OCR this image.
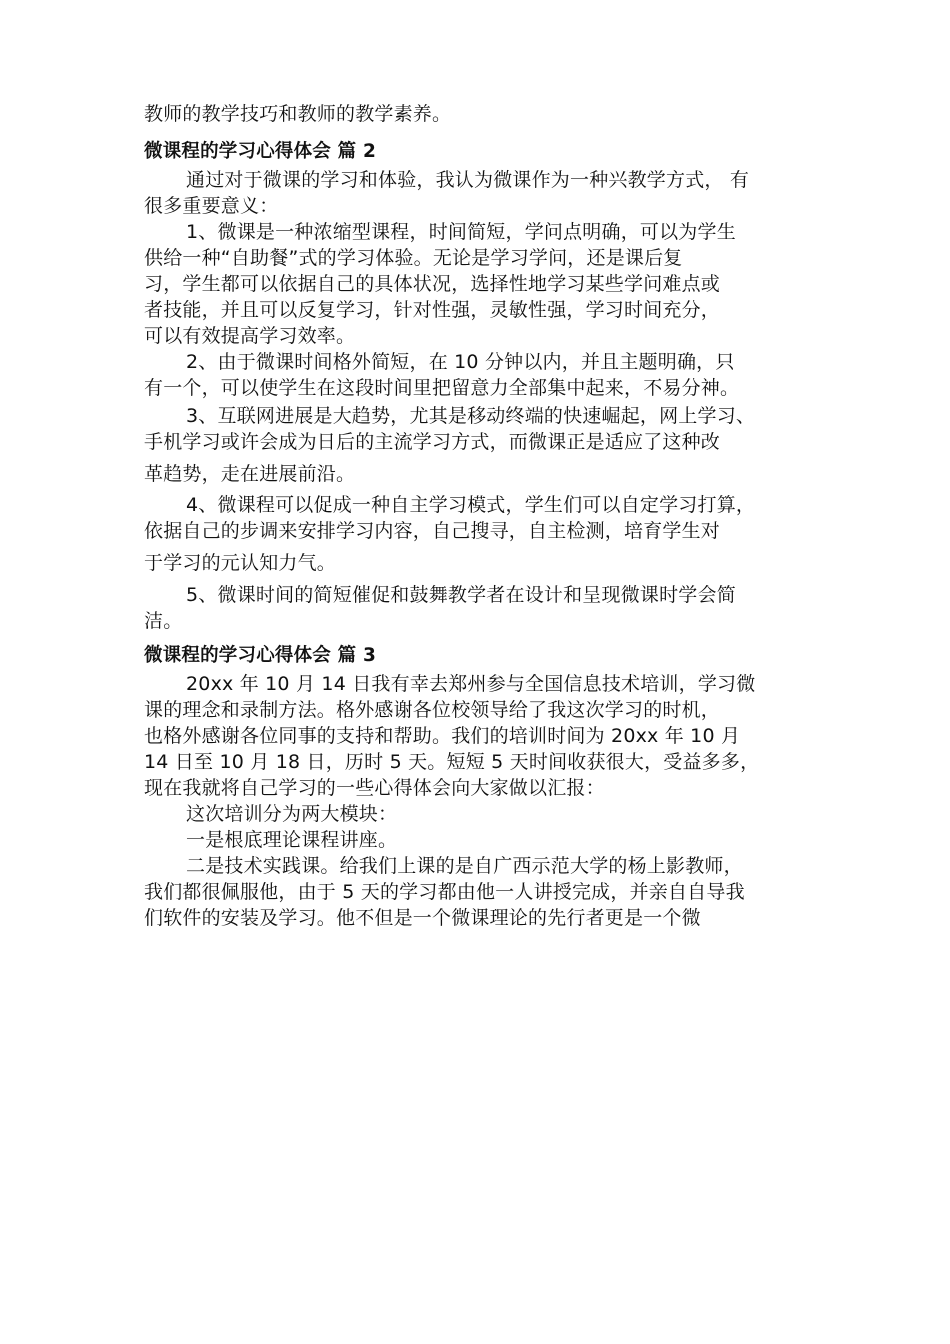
教师的教学技巧和教师的教学素养。
微课程的学习心得体会 篇 2
通过对于微课的学习和体验，我认为微课作为一种兴教学方式， 有
很多重要意义：
1、微课是一种浓缩型课程，时间简短，学问点明确，可以为学生
供给一种“自助餐”式的学习体验。无论是学习学问，还是课后复
习，学生都可以依据自己的具体状况，选择性地学习某些学问难点或
者技能，并且可以反复学习，针对性强，灵敏性强，学习时间充分，
可以有效提高学习效率。
2、由于微课时间格外简短，在 10 分钟以内，并且主题明确，只
有一个，可以使学生在这段时间里把留意力全部集中起来，不易分神。
3、互联网进展是大趋势，尤其是移动终端的快速崛起，网上学习、
手机学习或许会成为日后的主流学习方式，而微课正是适应了这种改
革趋势，走在进展前沿。
4、微课程可以促成一种自主学习模式，学生们可以自定学习打算，
依据自己的步调来安排学习内容，自己搜寻，自主检测，培育学生对
于学习的元认知力气。
5、微课时间的简短催促和鼓舞教学者在设计和呈现微课时学会简
洁。
微课程的学习心得体会 篇 3
20xx 年 10 月 14 日我有幸去郑州参与全国信息技术培训，学习微
课的理念和录制方法。格外感谢各位校领导给了我这次学习的时机，
也格外感谢各位同事的支持和帮助。我们的培训时间为 20xx 年 10 月
14 日至 10 月 18 日，历时 5 天。短短 5 天时间收获很大，受益多多，
现在我就将自己学习的一些心得体会向大家做以汇报：
这次培训分为两大模块：
一是根底理论课程讲座。
二是技术实践课。给我们上课的是自广西示范大学的杨上影教师，
我们都很佩服他，由于 5 天的学习都由他一人讲授完成，并亲自自导我
们软件的安装及学习。他不但是一个微课理论的先行者更是一个微
